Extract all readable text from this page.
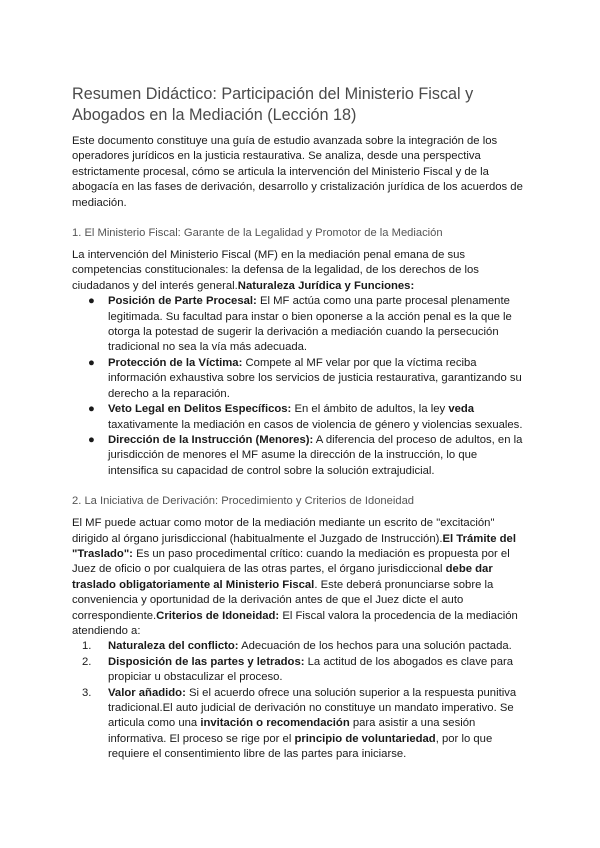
Resumen Didáctico: Participación del Ministerio Fiscal y Abogados en la Mediación (Lección 18)

Este documento constituye una guía de estudio avanzada sobre la integración de los operadores jurídicos en la justicia restaurativa. Se analiza, desde una perspectiva estrictamente procesal, cómo se articula la intervención del Ministerio Fiscal y de la abogacía en las fases de derivación, desarrollo y cristalización jurídica de los acuerdos de mediación.

1. El Ministerio Fiscal: Garante de la Legalidad y Promotor de la Mediación

La intervención del Ministerio Fiscal (MF) en la mediación penal emana de sus competencias constitucionales: la defensa de la legalidad, de los derechos de los ciudadanos y del interés general.Naturaleza Jurídica y Funciones:

● Posición de Parte Procesal: El MF actúa como una parte procesal plenamente legitimada. Su facultad para instar o bien oponerse a la acción penal es la que le otorga la potestad de sugerir la derivación a mediación cuando la persecución tradicional no sea la vía más adecuada.
● Protección de la Víctima: Compete al MF velar por que la víctima reciba información exhaustiva sobre los servicios de justicia restaurativa, garantizando su derecho a la reparación.
● Veto Legal en Delitos Específicos: En el ámbito de adultos, la ley veda taxativamente la mediación en casos de violencia de género y violencias sexuales.
● Dirección de la Instrucción (Menores): A diferencia del proceso de adultos, en la jurisdicción de menores el MF asume la dirección de la instrucción, lo que intensifica su capacidad de control sobre la solución extrajudicial.
2. La Iniciativa de Derivación: Procedimiento y Criterios de Idoneidad

El MF puede actuar como motor de la mediación mediante un escrito de "excitación" dirigido al órgano jurisdiccional (habitualmente el Juzgado de Instrucción).El Trámite del "Traslado": Es un paso procedimental crítico: cuando la mediación es propuesta por el Juez de oficio o por cualquiera de las otras partes, el órgano jurisdiccional debe dar traslado obligatoriamente al Ministerio Fiscal. Este deberá pronunciarse sobre la conveniencia y oportunidad de la derivación antes de que el Juez dicte el auto correspondiente.Criterios de Idoneidad: El Fiscal valora la procedencia de la mediación atendiendo a:

1. Naturaleza del conflicto: Adecuación de los hechos para una solución pactada.
2. Disposición de las partes y letrados: La actitud de los abogados es clave para propiciar u obstaculizar el proceso.
3. Valor añadido: Si el acuerdo ofrece una solución superior a la respuesta punitiva tradicional.El auto judicial de derivación no constituye un mandato imperativo. Se articula como una invitación o recomendación para asistir a una sesión informativa. El proceso se rige por el principio de voluntariedad, por lo que requiere el consentimiento libre de las partes para iniciarse.
